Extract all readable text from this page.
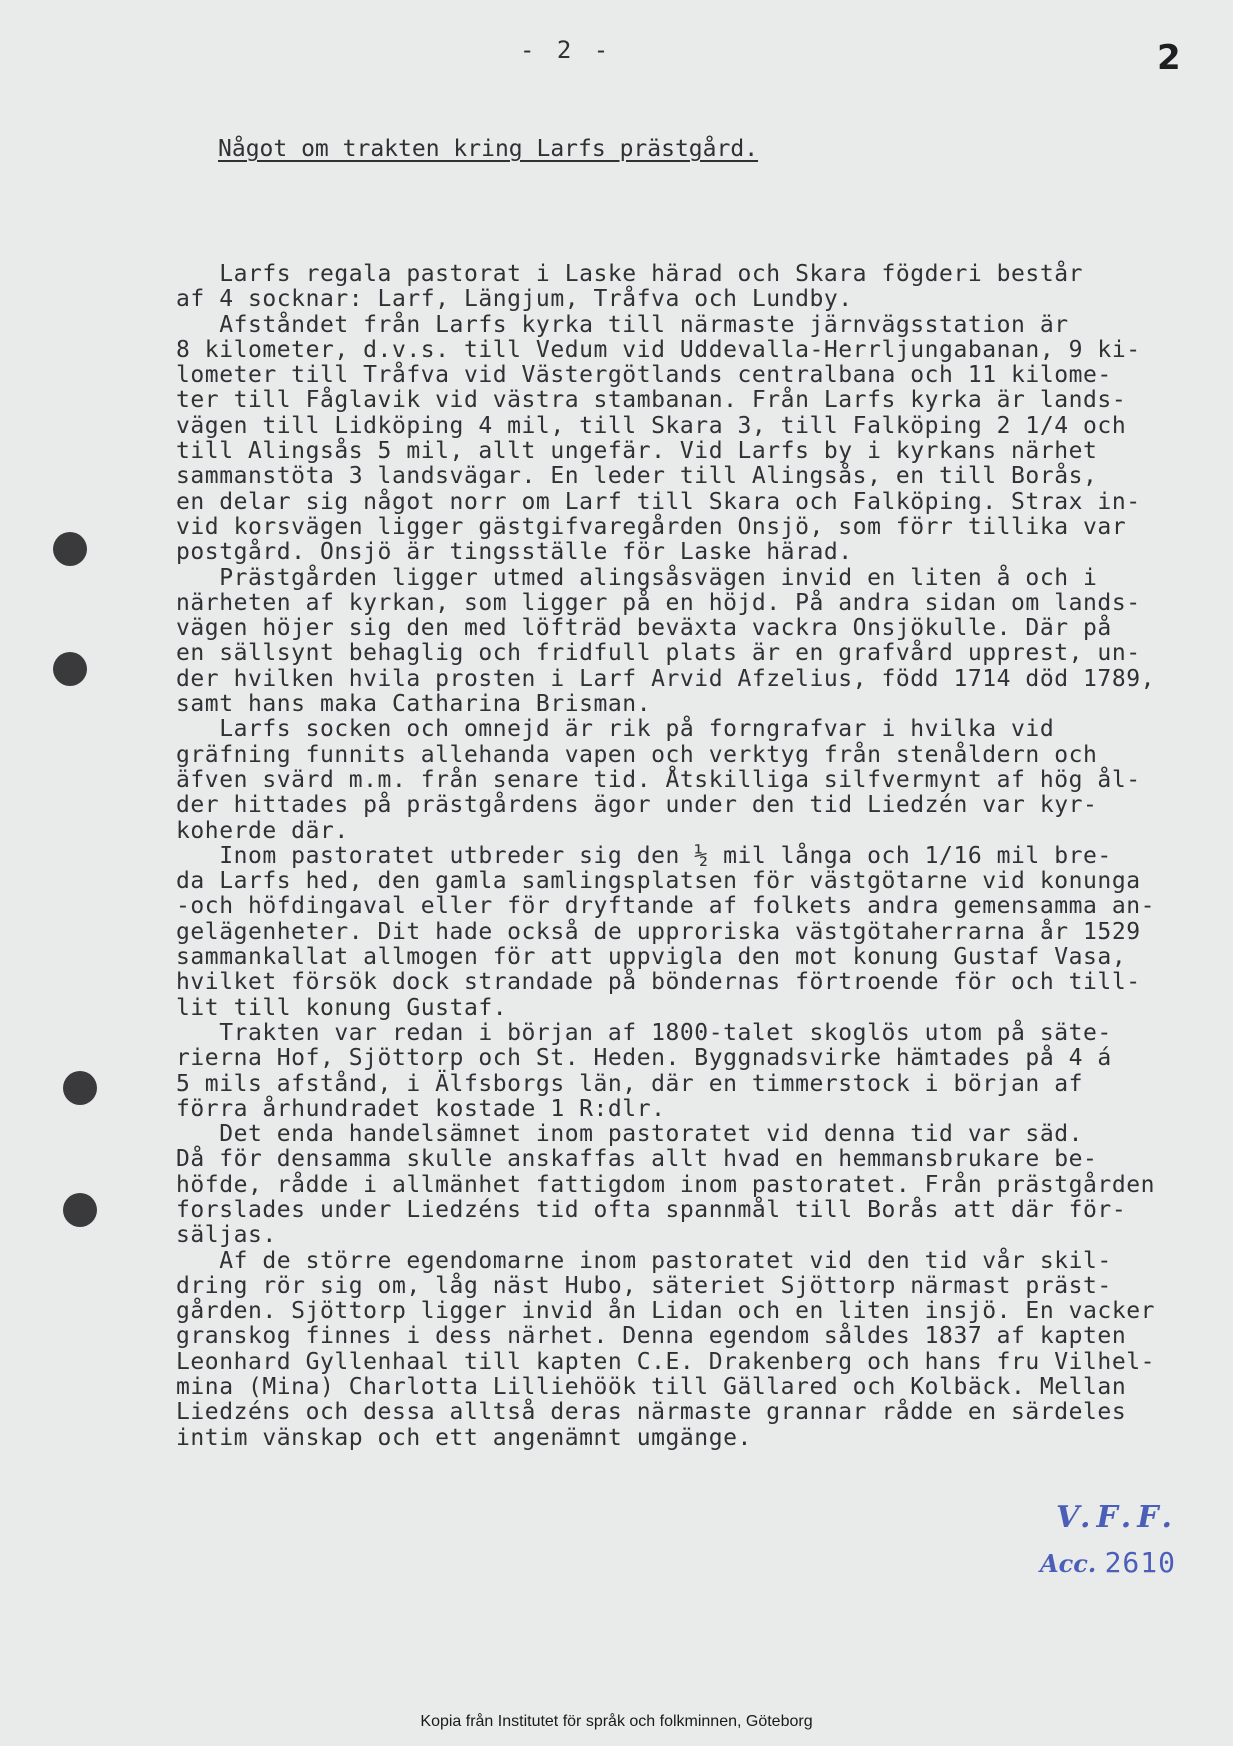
- 2 -	2
Något om trakten kring Larfs prästgård.
Larfs regala pastorat i Laske härad och Skara fögderi består
af 4 socknar: Larf, Längjum, Tråfva och Lundby.
Afståndet från Larfs kyrka till närmaste järnvägsstation är
8 kilometer, d.v.s. till Vedum vid Uddevalla-Herrljungabanan, 9 ki-
lometer till Tråfva vid Västergötlands centralbana och 11 kilome-
ter till Fåglavik vid västra stambanan. Från Larfs kyrka är lands-
vägen till Lidköping 4 mil, till Skara 3, till Falköping 2 1/4 och
till Alingsås 5 mil, allt ungefär. Vid Larfs by i kyrkans närhet
sammanstöta 3 landsvägar. En leder till Alingsås, en till Borås,
en delar sig något norr om Larf till Skara och Falköping. Strax in-
vid korsvägen ligger gästgifvaregården Onsjö, som förr tillika var
postgård. Onsjö är tingsställe för Laske härad.
Prästgården ligger utmed alingsåsvägen invid en liten å och i
närheten af kyrkan, som ligger på en höjd. På andra sidan om lands-
vägen höjer sig den med löfträd beväxta vackra Onsjökulle. Där på
en sällsynt behaglig och fridfull plats är en grafvård upprest, un-
der hvilken hvila prosten i Larf Arvid Afzelius, född 1714 död 1789,
samt hans maka Catharina Brisman.
Larfs socken och omnejd är rik på forngrafvar i hvilka vid
gräfning funnits allehanda vapen och verktyg från stenåldern och
äfven svärd m.m. från senare tid. Åtskilliga silfvermynt af hög ål-
der hittades på prästgårdens ägor under den tid Liedzén var kyr-
koherde där.
Inom pastoratet utbreder sig den ½ mil långa och 1/16 mil bre-
da Larfs hed, den gamla samlingsplatsen för västgötarne vid konunga
-och höfdingaval eller för dryftande af folkets andra gemensamma an-
gelägenheter. Dit hade också de upproriska västgötaherrarna år 1529
sammankallat allmogen för att uppvigla den mot konung Gustaf Vasa,
hvilket försök dock strandade på böndernas förtroende för och till-
lit till konung Gustaf.
Trakten var redan i början af 1800-talet skoglös utom på säte-
rierna Hof, Sjöttorp och St. Heden. Byggnadsvirke hämtades på 4 á
5 mils afstånd, i Älfsborgs län, där en timmerstock i början af
förra århundradet kostade 1 R:dlr.
Det enda handelsämnet inom pastoratet vid denna tid var säd.
Då för densamma skulle anskaffas allt hvad en hemmansbrukare be-
höfde, rådde i allmänhet fattigdom inom pastoratet. Från prästgården
forslades under Liedzéns tid ofta spannmål till Borås att där för-
säljas.
Af de större egendomarne inom pastoratet vid den tid vår skil-
dring rör sig om, låg näst Hubo, säteriet Sjöttorp närmast präst-
gården. Sjöttorp ligger invid ån Lidan och en liten insjö. En vacker
granskog finnes i dess närhet. Denna egendom såldes 1837 af kapten
Leonhard Gyllenhaal till kapten C.E. Drakenberg och hans fru Vilhel-
mina (Mina) Charlotta Lilliehöök till Gällared och Kolbäck. Mellan
Liedzéns och dessa alltså deras närmaste grannar rådde en särdeles
intim vänskap och ett angenämnt umgänge.
V.F.F.
Acc. 2610
Kopia från Institutet för språk och folkminnen, Göteborg
